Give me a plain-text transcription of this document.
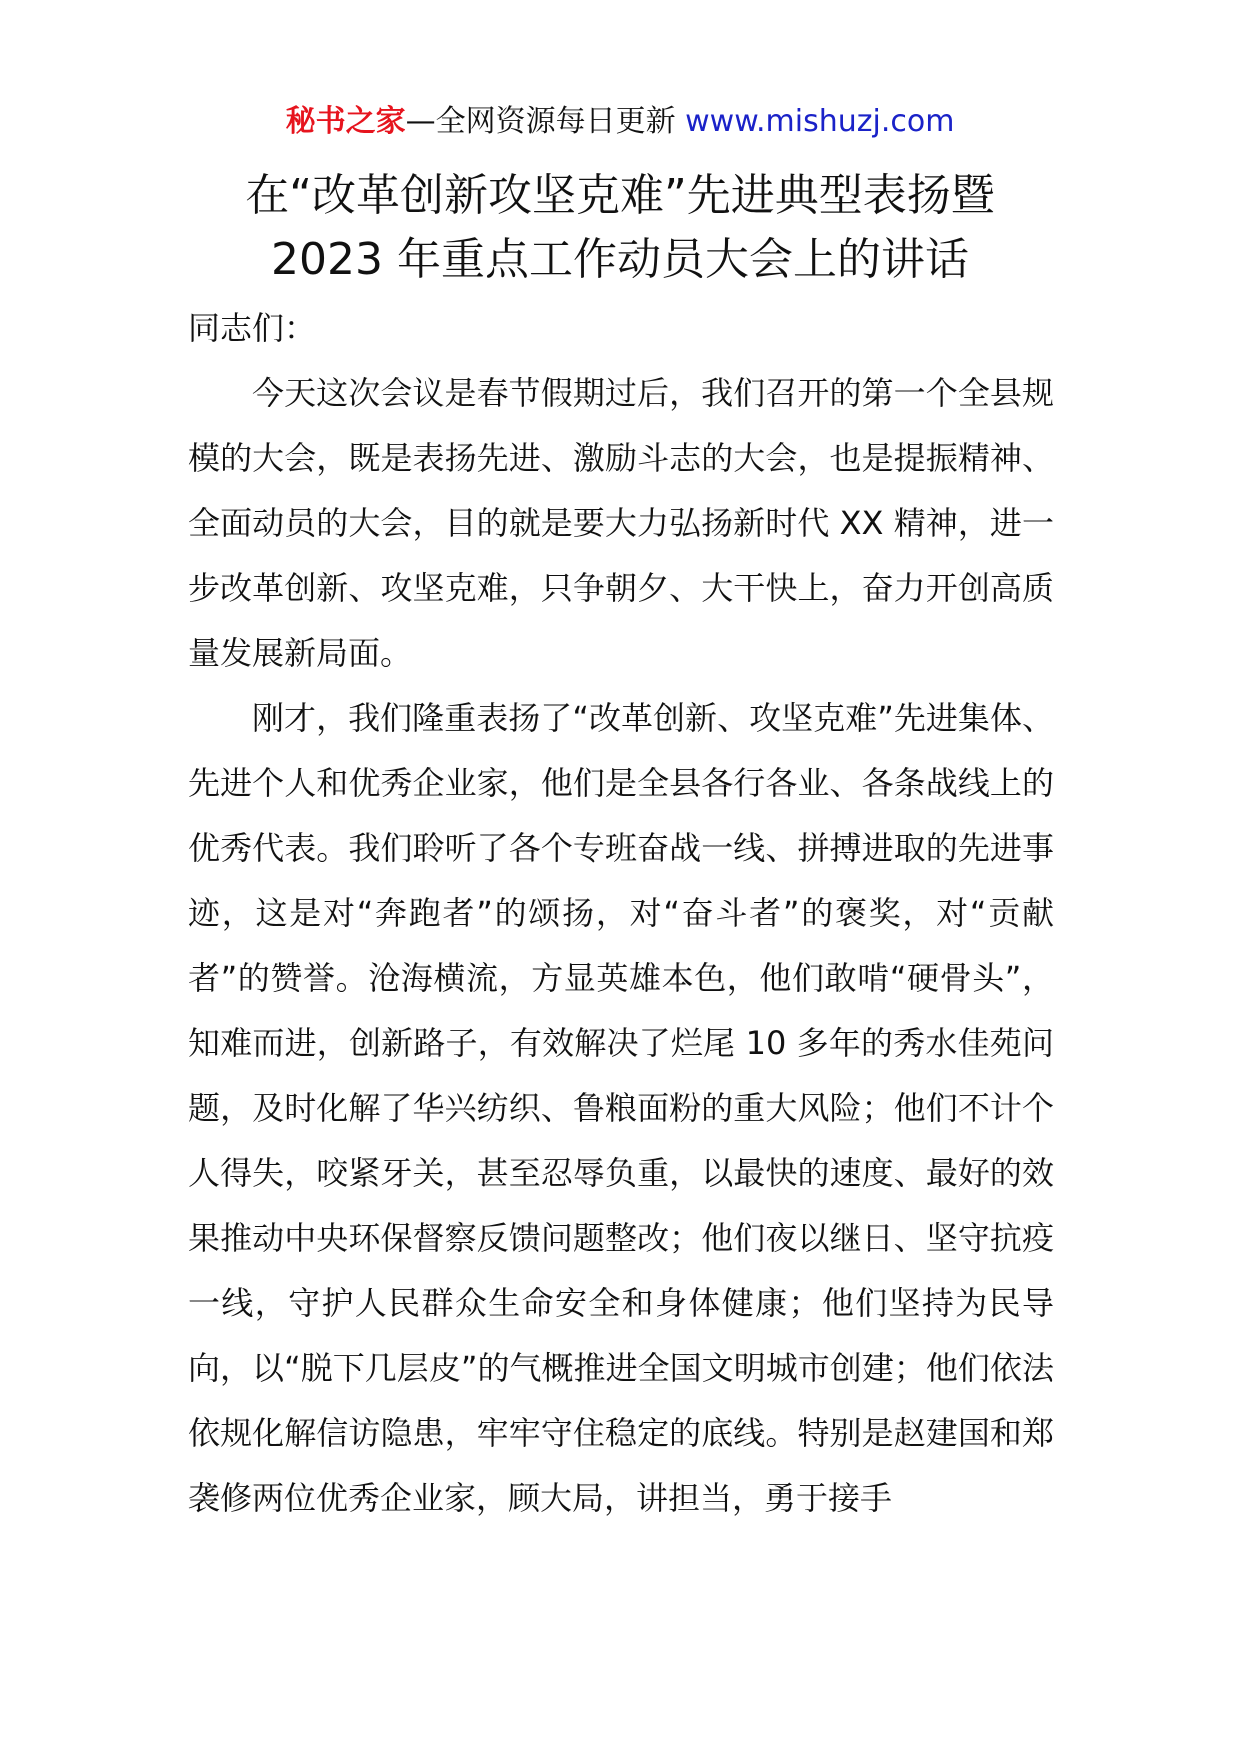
秘书之家—全网资源每日更新 www.mishuzj.com
在“改革创新攻坚克难”先进典型表扬暨
2023 年重点工作动员大会上的讲话

同志们：

今天这次会议是春节假期过后，我们召开的第一个全县规模的大会，既是表扬先进、激励斗志的大会，也是提振精神、全面动员的大会，目的就是要大力弘扬新时代 XX 精神，进一步改革创新、攻坚克难，只争朝夕、大干快上，奋力开创高质量发展新局面。

刚才，我们隆重表扬了“改革创新、攻坚克难”先进集体、先进个人和优秀企业家，他们是全县各行各业、各条战线上的优秀代表。我们聆听了各个专班奋战一线、拼搏进取的先进事迹，这是对“奔跑者”的颂扬，对“奋斗者”的褒奖，对“贡献者”的赞誉。沧海横流，方显英雄本色，他们敢啃“硬骨头”，知难而进，创新路子，有效解决了烂尾 10 多年的秀水佳苑问题，及时化解了华兴纺织、鲁粮面粉的重大风险；他们不计个人得失，咬紧牙关，甚至忍辱负重，以最快的速度、最好的效果推动中央环保督察反馈问题整改；他们夜以继日、坚守抗疫一线，守护人民群众生命安全和身体健康；他们坚持为民导向，以“脱下几层皮”的气概推进全国文明城市创建；他们依法依规化解信访隐患，牢牢守住稳定的底线。特别是赵建国和郑袭修两位优秀企业家，顾大局，讲担当，勇于接手
